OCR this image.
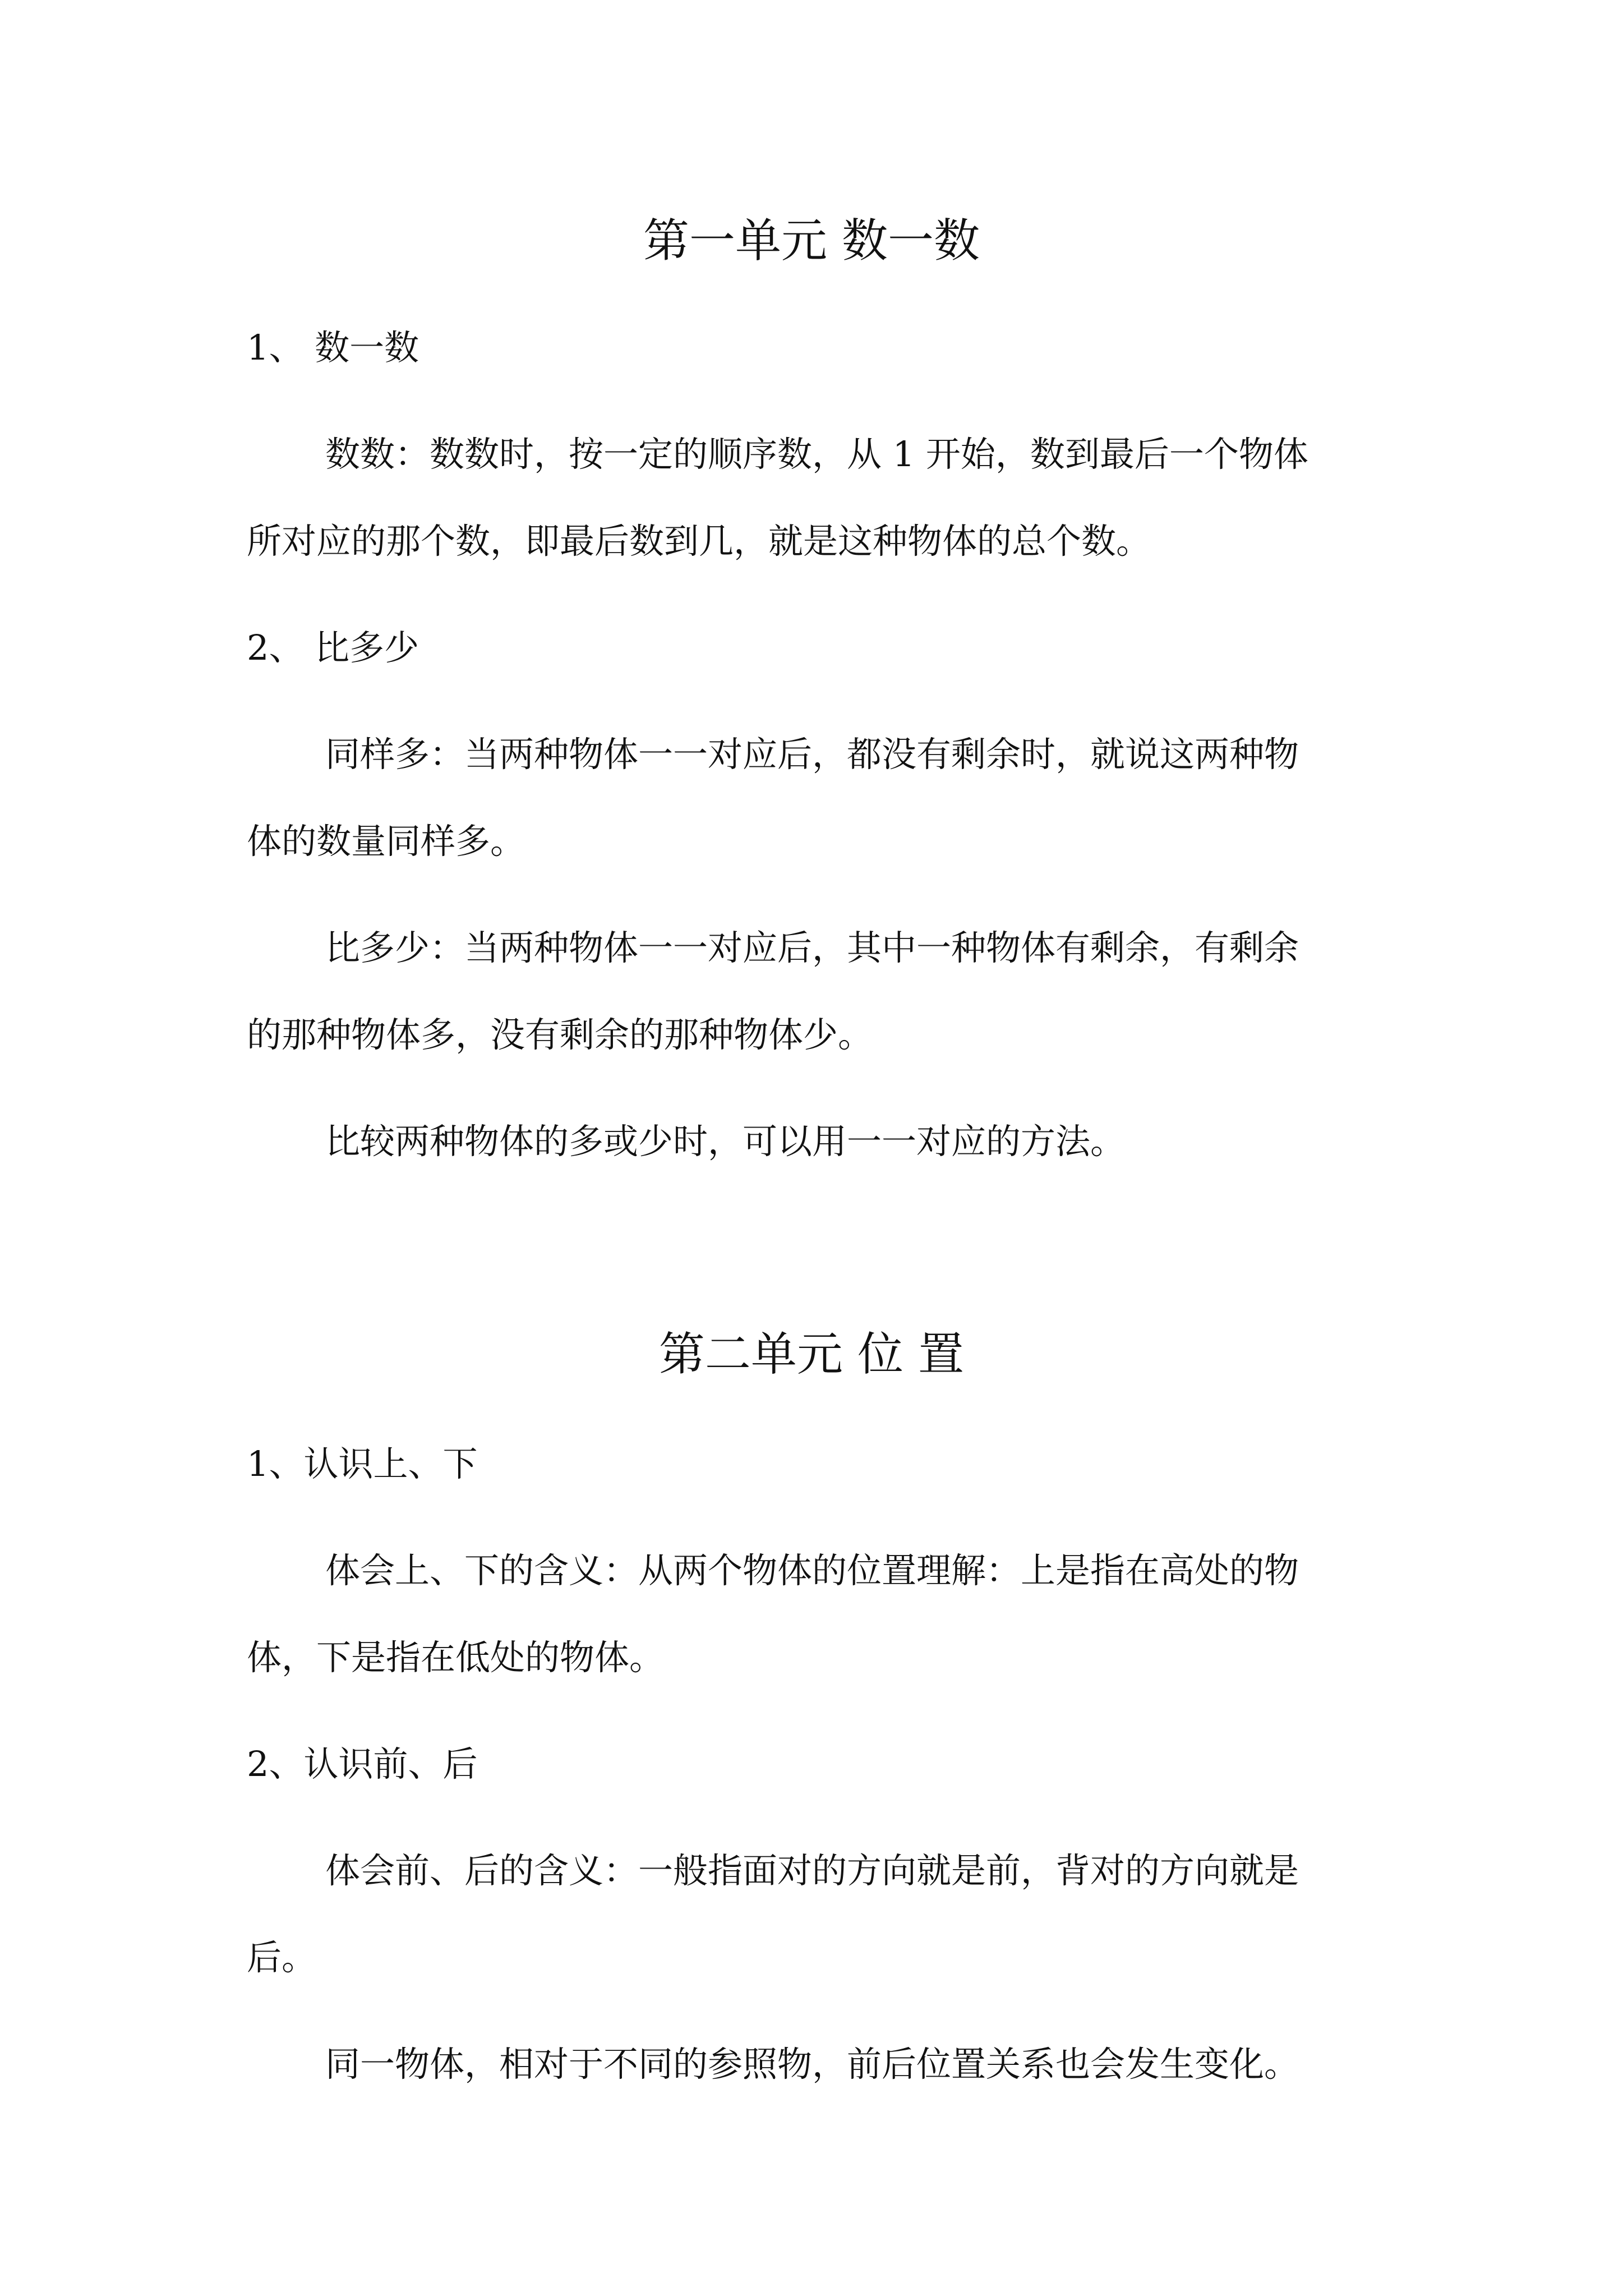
第一单元 数一数

1、 数一数

数数：数数时，按一定的顺序数，从 1 开始，数到最后一个物体

所对应的那个数，即最后数到几，就是这种物体的总个数。

2、 比多少

同样多：当两种物体一一对应后，都没有剩余时，就说这两种物

体的数量同样多。

比多少：当两种物体一一对应后，其中一种物体有剩余，有剩余

的那种物体多，没有剩余的那种物体少。

比较两种物体的多或少时，可以用一一对应的方法。

第二单元 位 置

1、认识上、下

体会上、下的含义：从两个物体的位置理解：上是指在高处的物

体，下是指在低处的物体。

2、认识前、后

体会前、后的含义：一般指面对的方向就是前，背对的方向就是

后。

同一物体，相对于不同的参照物，前后位置关系也会发生变化。
